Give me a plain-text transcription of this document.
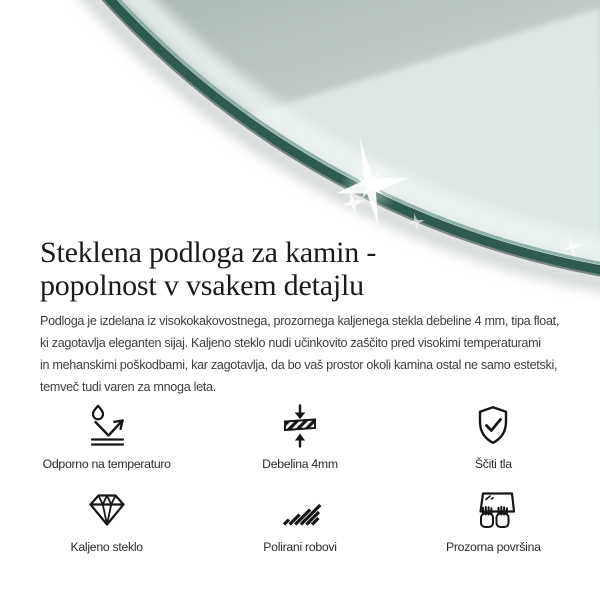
Steklena podloga za kamin -
popolnost v vsakem detajlu
Podloga je izdelana iz visokokakovostnega, prozornega kaljenega stekla debeline 4 mm, tipa float,
ki zagotavlja eleganten sijaj. Kaljeno steklo nudi učinkovito zaščito pred visokimi temperaturami
in mehanskimi poškodbami, kar zagotavlja, da bo vaš prostor okoli kamina ostal ne samo estetski,
temveč tudi varen za mnoga leta.
Odporno na temperaturo	Debelina 4mm	Ščiti tla
Kaljeno steklo	Polirani robovi	Prozorna površina
